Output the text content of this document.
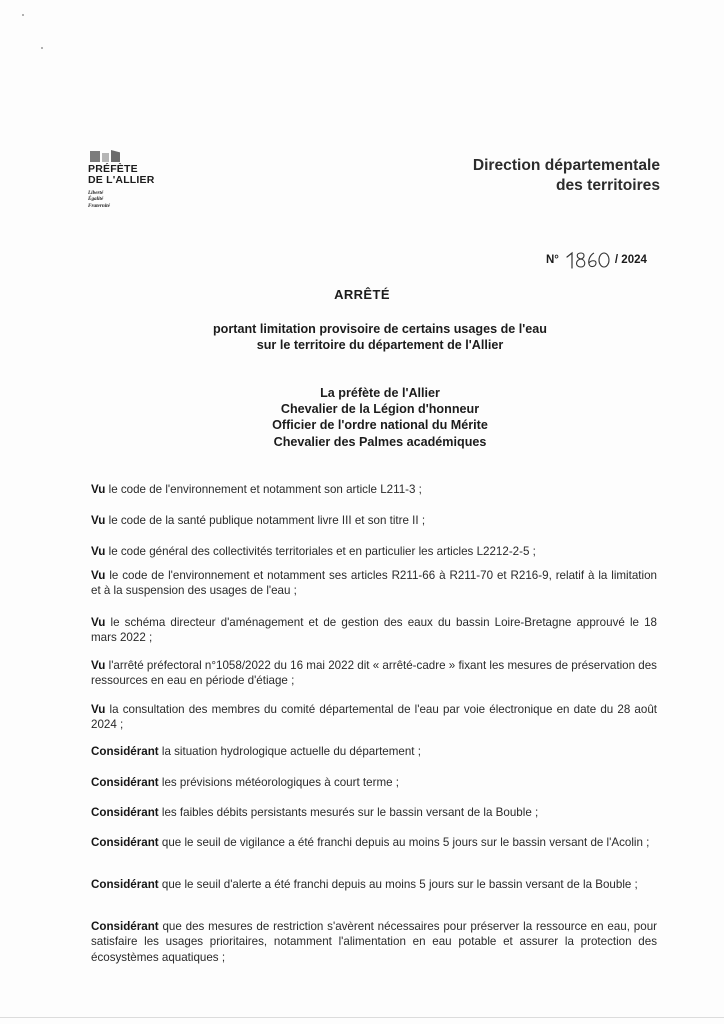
PRÉFÈTE
DE L'ALLIER
Liberté
Égalité
Fraternité
Direction départementale
des territoires
N°	/ 2024
ARRÊTÉ
portant limitation provisoire de certains usages de l'eau
sur le territoire du département de l'Allier
La préfète de l'Allier
Chevalier de la Légion d'honneur
Officier de l'ordre national du Mérite
Chevalier des Palmes académiques
Vu le code de l'environnement et notamment son article L211-3 ;
Vu le code de la santé publique notamment livre III et son titre II ;
Vu le code général des collectivités territoriales et en particulier les articles L2212-2-5 ;
Vu le code de l'environnement et notamment ses articles R211-66 à R211-70 et R216-9, relatif à la limitation et à la suspension des usages de l'eau ;
Vu le schéma directeur d'aménagement et de gestion des eaux du bassin Loire-Bretagne approuvé le 18 mars 2022 ;
Vu l'arrêté préfectoral n°1058/2022 du 16 mai 2022 dit « arrêté-cadre » fixant les mesures de préservation des ressources en eau en période d'étiage ;
Vu la consultation des membres du comité départemental de l'eau par voie électronique en date du 28 août 2024 ;
Considérant la situation hydrologique actuelle du département ;
Considérant les prévisions météorologiques à court terme ;
Considérant les faibles débits persistants mesurés sur le bassin versant de la Bouble ;
Considérant que le seuil de vigilance a été franchi depuis au moins 5 jours sur le bassin versant de l'Acolin ;
Considérant que le seuil d'alerte a été franchi depuis au moins 5 jours sur le bassin versant de la Bouble ;
Considérant que des mesures de restriction s'avèrent nécessaires pour préserver la ressource en eau, pour satisfaire les usages prioritaires, notamment l'alimentation en eau potable et assurer la protection des écosystèmes aquatiques ;
